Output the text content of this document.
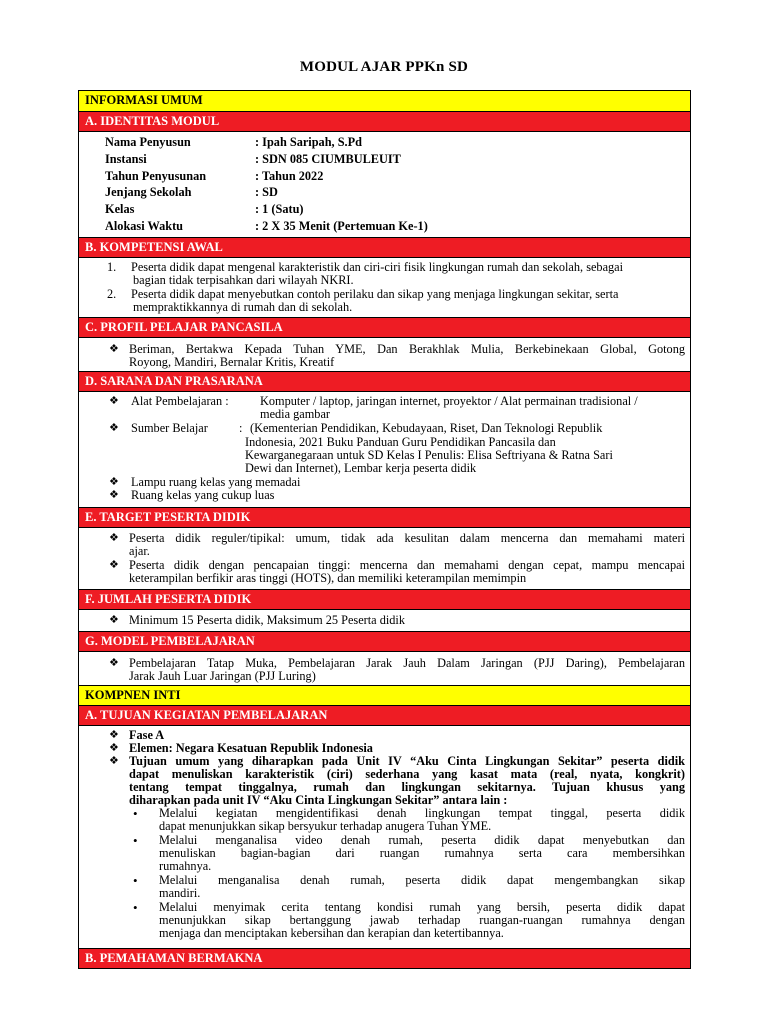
MODUL AJAR PPKn SD
INFORMASI UMUM
A. IDENTITAS MODUL
Nama Penyusun	: Ipah Saripah, S.Pd
Instansi	: SDN 085 CIUMBULEUIT
Tahun Penyusunan	: Tahun 2022
Jenjang Sekolah	: SD
Kelas	: 1 (Satu)
Alokasi Waktu	: 2 X 35 Menit (Pertemuan Ke-1)
B. KOMPETENSI AWAL
1. Peserta didik dapat mengenal karakteristik dan ciri-ciri fisik lingkungan rumah dan sekolah, sebagai
bagian tidak terpisahkan dari wilayah NKRI.
2. Peserta didik dapat menyebutkan contoh perilaku dan sikap yang menjaga lingkungan sekitar, serta
mempraktikkannya di rumah dan di sekolah.
C. PROFIL PELAJAR PANCASILA
❖ Beriman, Bertakwa Kepada Tuhan YME, Dan Berakhlak Mulia, Berkebinekaan Global, Gotong
Royong, Mandiri, Bernalar Kritis, Kreatif
D. SARANA DAN PRASARANA
❖ Alat Pembelajaran :	Komputer / laptop, jaringan internet, proyektor / Alat permainan tradisional /
media gambar
❖ Sumber Belajar	: (Kementerian Pendidikan, Kebudayaan, Riset, Dan Teknologi Republik
Indonesia, 2021 Buku Panduan Guru Pendidikan Pancasila dan
Kewarganegaraan untuk SD Kelas I Penulis: Elisa Seftriyana & Ratna Sari
Dewi dan Internet), Lembar kerja peserta didik
❖ Lampu ruang kelas yang memadai
❖ Ruang kelas yang cukup luas
E. TARGET PESERTA DIDIK
❖ Peserta didik reguler/tipikal: umum, tidak ada kesulitan dalam mencerna dan memahami materi
ajar.
❖ Peserta didik dengan pencapaian tinggi: mencerna dan memahami dengan cepat, mampu mencapai
keterampilan berfikir aras tinggi (HOTS), dan memiliki keterampilan memimpin
F. JUMLAH PESERTA DIDIK
❖ Minimum 15 Peserta didik, Maksimum 25 Peserta didik
G. MODEL PEMBELAJARAN
❖ Pembelajaran Tatap Muka, Pembelajaran Jarak Jauh Dalam Jaringan (PJJ Daring), Pembelajaran
Jarak Jauh Luar Jaringan (PJJ Luring)
KOMPNEN INTI
A. TUJUAN KEGIATAN PEMBELAJARAN
❖ Fase A
❖ Elemen: Negara Kesatuan Republik Indonesia
❖ Tujuan umum yang diharapkan pada Unit IV “Aku Cinta Lingkungan Sekitar” peserta didik
dapat menuliskan karakteristik (ciri) sederhana yang kasat mata (real, nyata, kongkrit)
tentang tempat tinggalnya, rumah dan lingkungan sekitarnya. Tujuan khusus yang
diharapkan pada unit IV “Aku Cinta Lingkungan Sekitar” antara lain :
• Melalui kegiatan mengidentifikasi denah lingkungan tempat tinggal, peserta didik
dapat menunjukkan sikap bersyukur terhadap anugera Tuhan YME.
• Melalui menganalisa video denah rumah, peserta didik dapat menyebutkan dan
menuliskan bagian-bagian dari ruangan rumahnya serta cara membersihkan
rumahnya.
• Melalui menganalisa denah rumah, peserta didik dapat mengembangkan sikap
mandiri.
• Melalui menyimak cerita tentang kondisi rumah yang bersih, peserta didik dapat
menunjukkan sikap bertanggung jawab terhadap ruangan-ruangan rumahnya dengan
menjaga dan menciptakan kebersihan dan kerapian dan ketertibannya.
B. PEMAHAMAN BERMAKNA
